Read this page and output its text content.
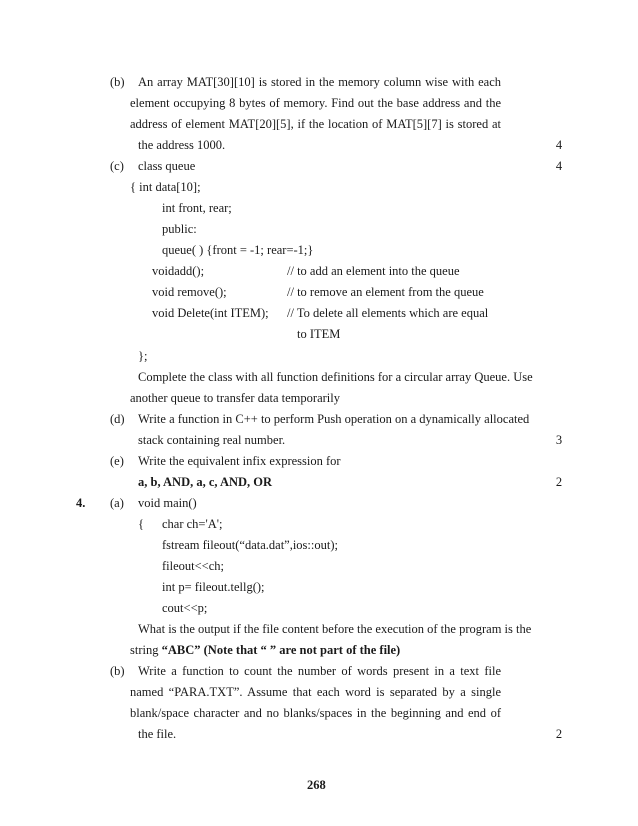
(b) An array MAT[30][10] is stored in the memory column wise with each
element occupying 8 bytes of memory. Find out the base address and the
address of element MAT[20][5], if the location of MAT[5][7] is stored at
the address 1000.	4
(c) class queue	4
{ int data[10];
int front, rear;
public:
queue( ) {front = -1; rear=-1;}
voidadd();	// to add an element into the queue
void remove();	// to remove an element from the queue
void Delete(int ITEM); // To delete all elements which are equal
to ITEM
};
Complete the class with all function definitions for a circular array Queue. Use
another queue to transfer data temporarily
(d) Write a function in C++ to perform Push operation on a dynamically allocated
stack containing real number.	3
(e) Write the equivalent infix expression for
a, b, AND, a, c, AND, OR	2
4. (a) void main()
{ char ch='A';
fstream fileout(“data.dat”,ios::out);
fileout<<ch;
int p= fileout.tellg();
cout<<p;
What is the output if the file content before the execution of the program is the
string “ABC” (Note that “ ” are not part of the file)
(b) Write a function to count the number of words present in a text file
named “PARA.TXT”. Assume that each word is separated by a single
blank/space character and no blanks/spaces in the beginning and end of
the file.	2
268
